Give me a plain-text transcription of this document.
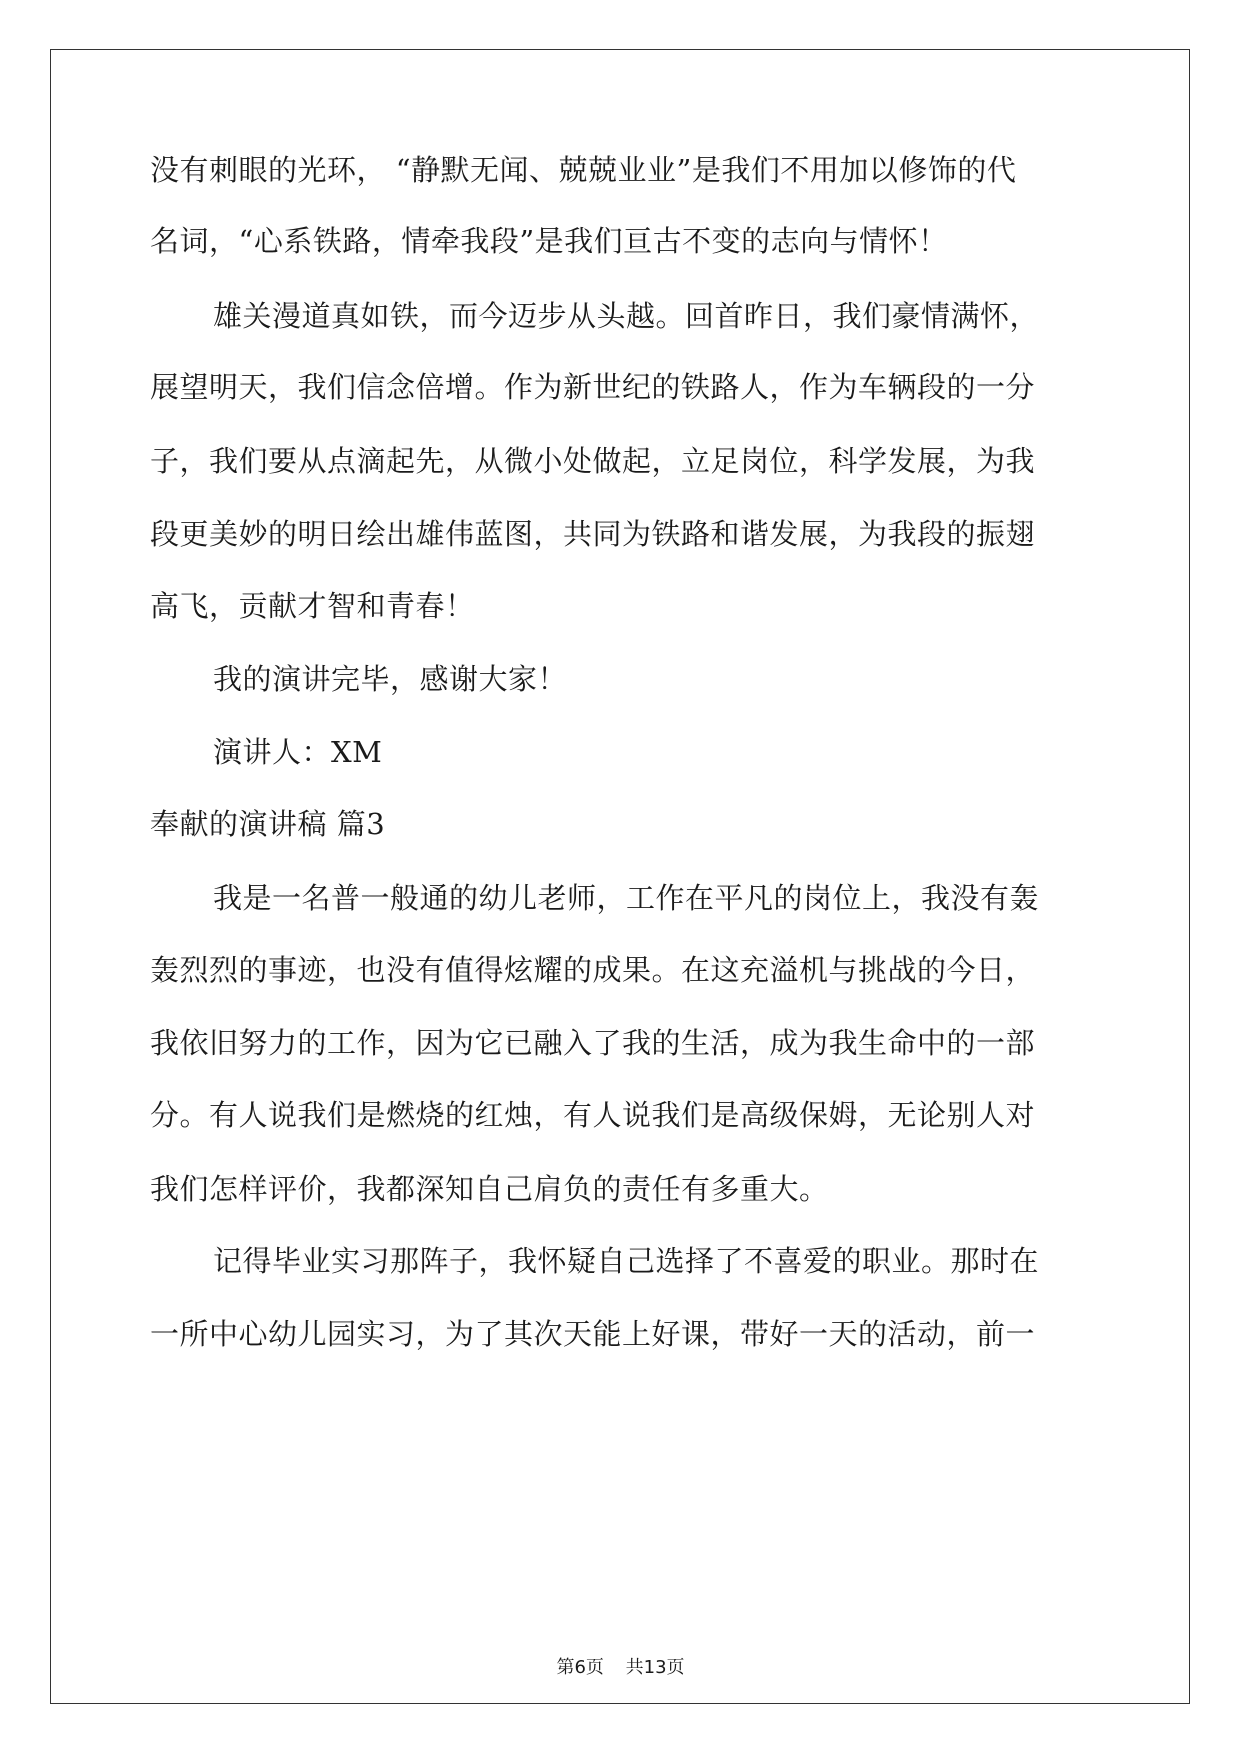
没有刺眼的光环， “静默无闻、兢兢业业”是我们不用加以修饰的代
名词，“心系铁路，情牵我段”是我们亘古不变的志向与情怀！
雄关漫道真如铁，而今迈步从头越。回首昨日，我们豪情满怀，
展望明天，我们信念倍增。作为新世纪的铁路人，作为车辆段的一分
子，我们要从点滴起先，从微小处做起，立足岗位，科学发展，为我
段更美妙的明日绘出雄伟蓝图，共同为铁路和谐发展，为我段的振翅
高飞，贡献才智和青春！
我的演讲完毕，感谢大家！
演讲人：XM
奉献的演讲稿 篇3
我是一名普一般通的幼儿老师，工作在平凡的岗位上，我没有轰
轰烈烈的事迹，也没有值得炫耀的成果。在这充溢机与挑战的今日，
我依旧努力的工作，因为它已融入了我的生活，成为我生命中的一部
分。有人说我们是燃烧的红烛，有人说我们是高级保姆，无论别人对
我们怎样评价，我都深知自己肩负的责任有多重大。
记得毕业实习那阵子，我怀疑自己选择了不喜爱的职业。那时在
一所中心幼儿园实习，为了其次天能上好课，带好一天的活动，前一
第6页 共13页
